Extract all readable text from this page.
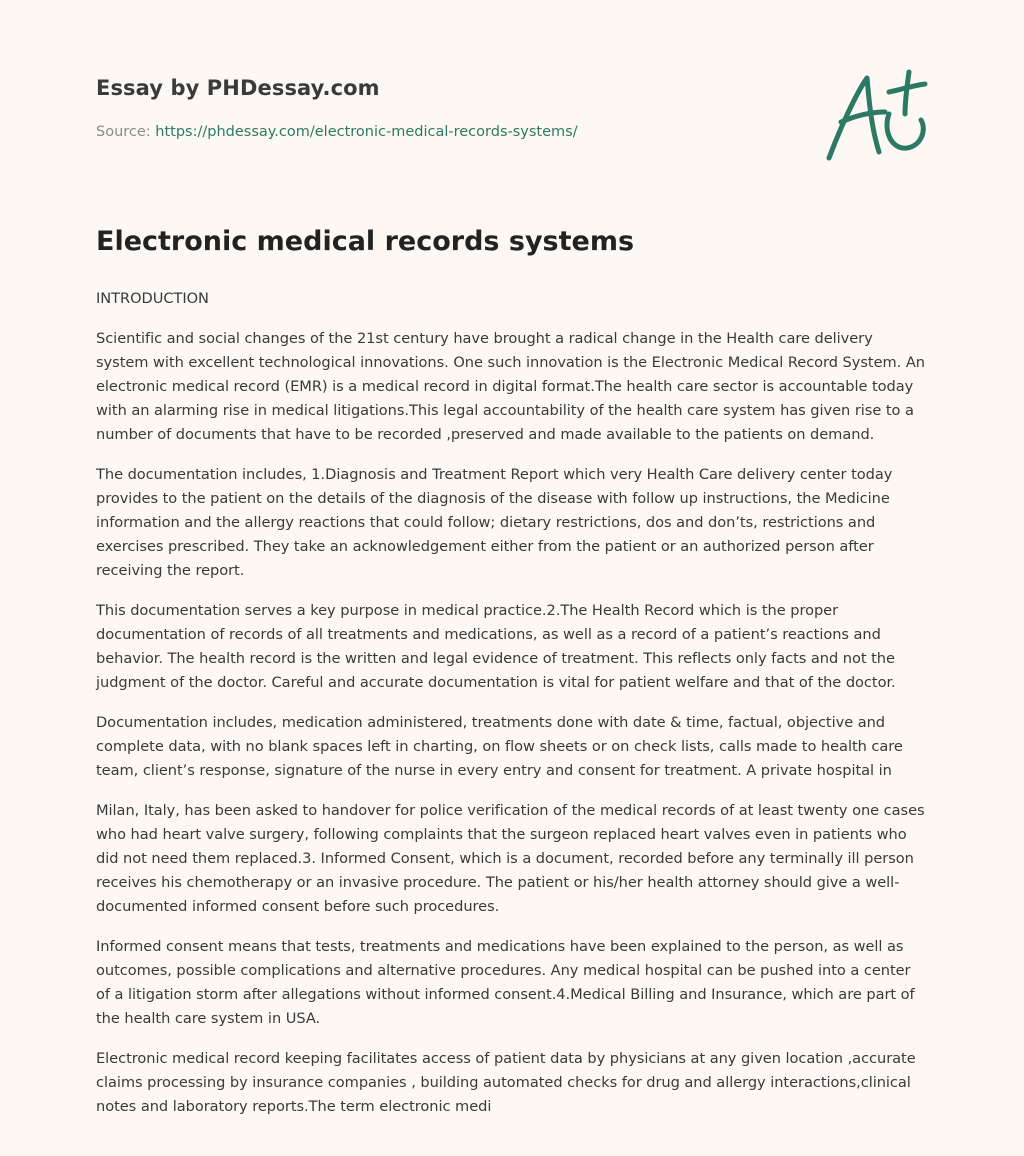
Essay by PHDessay.com
Source: https://phdessay.com/electronic-medical-records-systems/
Electronic medical records systems

INTRODUCTION

Scientific and social changes of the 21st century have brought a radical change in the Health care delivery system with excellent technological innovations. One such innovation is the Electronic Medical Record System. An electronic medical record (EMR) is a medical record in digital format.The health care sector is accountable today with an alarming rise in medical litigations.This legal accountability of the health care system has given rise to a number of documents that have to be recorded ,preserved and made available to the patients on demand.

The documentation includes, 1.Diagnosis and Treatment Report which very Health Care delivery center today provides to the patient on the details of the diagnosis of the disease with follow up instructions, the Medicine information and the allergy reactions that could follow; dietary restrictions, dos and don’ts, restrictions and exercises prescribed. They take an acknowledgement either from the patient or an authorized person after receiving the report.

This documentation serves a key purpose in medical practice.2.The Health Record which is the proper documentation of records of all treatments and medications, as well as a record of a patient’s reactions and behavior. The health record is the written and legal evidence of treatment. This reflects only facts and not the judgment of the doctor. Careful and accurate documentation is vital for patient welfare and that of the doctor.

Documentation includes, medication administered, treatments done with date & time, factual, objective and complete data, with no blank spaces left in charting, on flow sheets or on check lists, calls made to health care team, client’s response, signature of the nurse in every entry and consent for treatment. A private hospital in

Milan, Italy, has been asked to handover for police verification of the medical records of at least twenty one cases who had heart valve surgery, following complaints that the surgeon replaced heart valves even in patients who did not need them replaced.3. Informed Consent, which is a document, recorded before any terminally ill person receives his chemotherapy or an invasive procedure. The patient or his/her health attorney should give a well-documented informed consent before such procedures.

Informed consent means that tests, treatments and medications have been explained to the person, as well as outcomes, possible complications and alternative procedures. Any medical hospital can be pushed into a center of a litigation storm after allegations without informed consent.4.Medical Billing and Insurance, which are part of the health care system in USA.

Electronic medical record keeping facilitates access of patient data by physicians at any given location ,accurate claims processing by insurance companies , building automated checks for drug and allergy interactions,clinical notes and laboratory reports.The term electronic medi
